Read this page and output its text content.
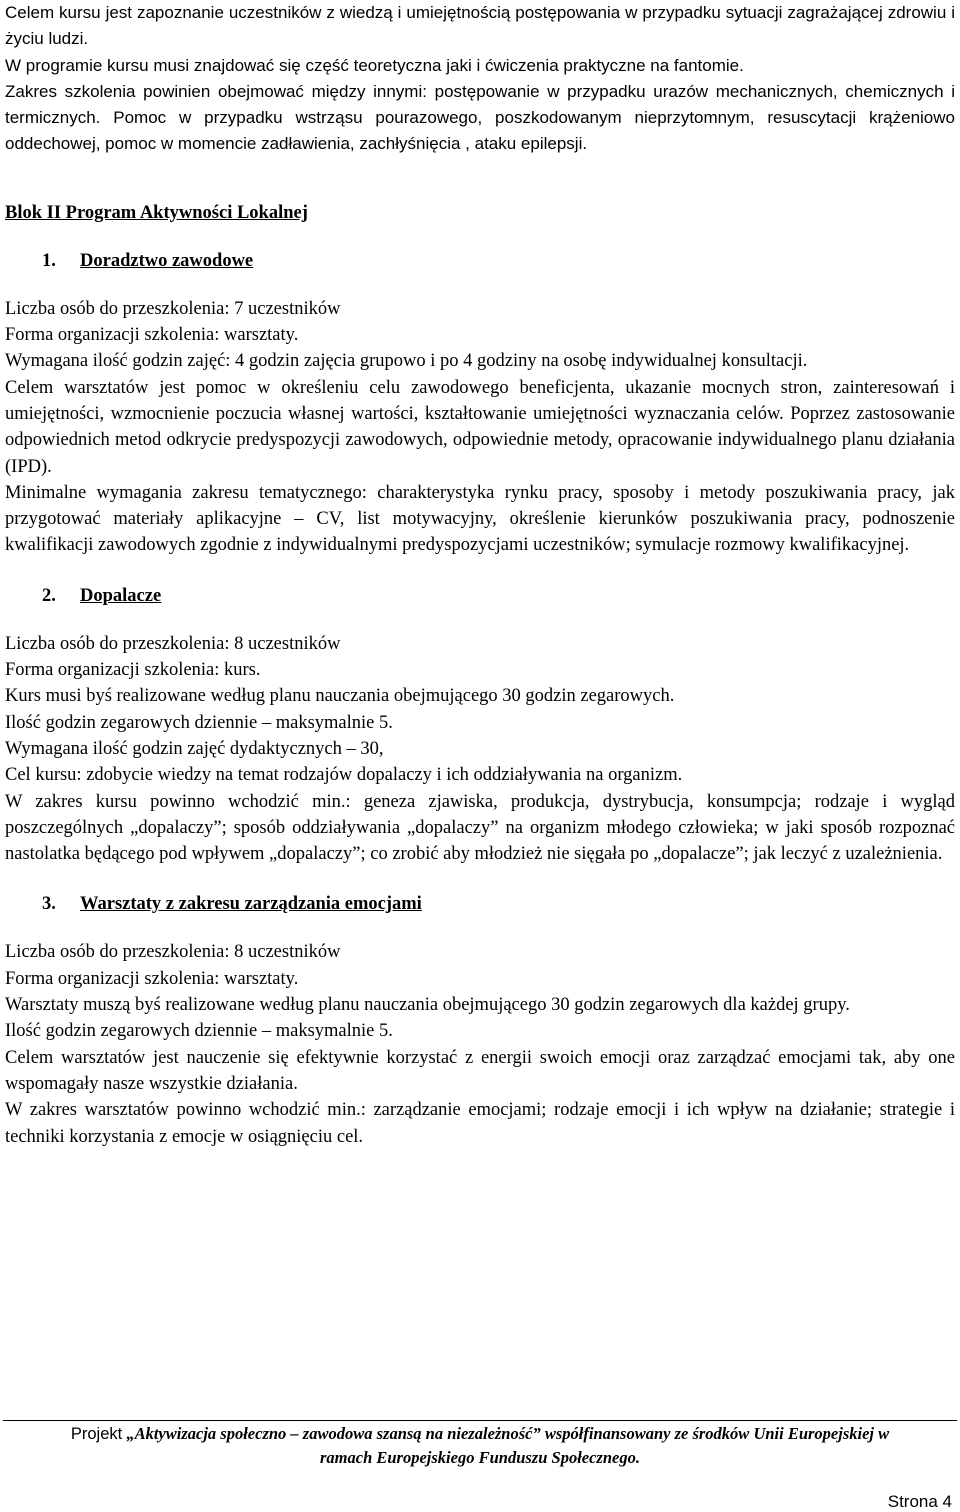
Celem kursu jest zapoznanie uczestników z wiedzą i umiejętnością postępowania w przypadku sytuacji zagrażającej zdrowiu i życiu ludzi.

W programie kursu musi znajdować się część teoretyczna jaki i ćwiczenia praktyczne na fantomie.

Zakres szkolenia powinien obejmować między innymi: postępowanie w przypadku urazów mechanicznych, chemicznych i termicznych. Pomoc w przypadku wstrząsu pourazowego, poszkodowanym nieprzytomnym, resuscytacji krążeniowo oddechowej, pomoc w momencie zadławienia, zachłyśnięcia , ataku epilepsji.

Blok II Program Aktywności Lokalnej
1.	Doradztwo zawodowe

Liczba osób do przeszkolenia: 7 uczestników

Forma organizacji szkolenia: warsztaty.

Wymagana ilość godzin zajęć: 4 godzin zajęcia grupowo i po 4 godziny na osobę indywidualnej konsultacji.

Celem warsztatów jest pomoc w określeniu celu zawodowego beneficjenta, ukazanie mocnych stron, zainteresowań i umiejętności, wzmocnienie poczucia własnej wartości, kształtowanie umiejętności wyznaczania celów. Poprzez zastosowanie odpowiednich metod odkrycie predyspozycji zawodowych, odpowiednie metody, opracowanie indywidualnego planu działania (IPD).

Minimalne wymagania zakresu tematycznego: charakterystyka rynku pracy, sposoby i metody poszukiwania pracy, jak przygotować materiały aplikacyjne – CV, list motywacyjny, określenie kierunków poszukiwania pracy, podnoszenie kwalifikacji zawodowych zgodnie z indywidualnymi predyspozycjami uczestników; symulacje rozmowy kwalifikacyjnej.

2.	Dopalacze

Liczba osób do przeszkolenia: 8 uczestników

Forma organizacji szkolenia: kurs.

Kurs musi byś realizowane według planu nauczania obejmującego 30 godzin zegarowych.

Ilość godzin zegarowych dziennie – maksymalnie 5.

Wymagana ilość godzin zajęć dydaktycznych – 30,

Cel kursu: zdobycie wiedzy na temat rodzajów dopalaczy i ich oddziaływania na organizm.

W zakres kursu powinno wchodzić min.: geneza zjawiska, produkcja, dystrybucja, konsumpcja; rodzaje i wygląd poszczególnych „dopalaczy”; sposób oddziaływania „dopalaczy” na organizm młodego człowieka; w jaki sposób rozpoznać nastolatka będącego pod wpływem „dopalaczy”; co zrobić aby młodzież nie sięgała po „dopalacze”; jak leczyć z uzależnienia.

3.	Warsztaty z zakresu zarządzania emocjami

Liczba osób do przeszkolenia: 8 uczestników

Forma organizacji szkolenia: warsztaty.

Warsztaty muszą byś realizowane według planu nauczania obejmującego 30 godzin zegarowych dla każdej grupy.

Ilość godzin zegarowych dziennie – maksymalnie 5.

Celem warsztatów jest nauczenie się efektywnie korzystać z energii swoich emocji oraz zarządzać emocjami tak, aby one wspomagały nasze wszystkie działania.

W zakres warsztatów powinno wchodzić min.: zarządzanie emocjami; rodzaje emocji i ich wpływ na działanie; strategie i techniki korzystania z emocje w osiągnięciu cel.

Projekt „Aktywizacja społeczno – zawodowa szansą na niezależność” współfinansowany ze środków Unii Europejskiej w
ramach Europejskiego Funduszu Społecznego.
Strona 4
